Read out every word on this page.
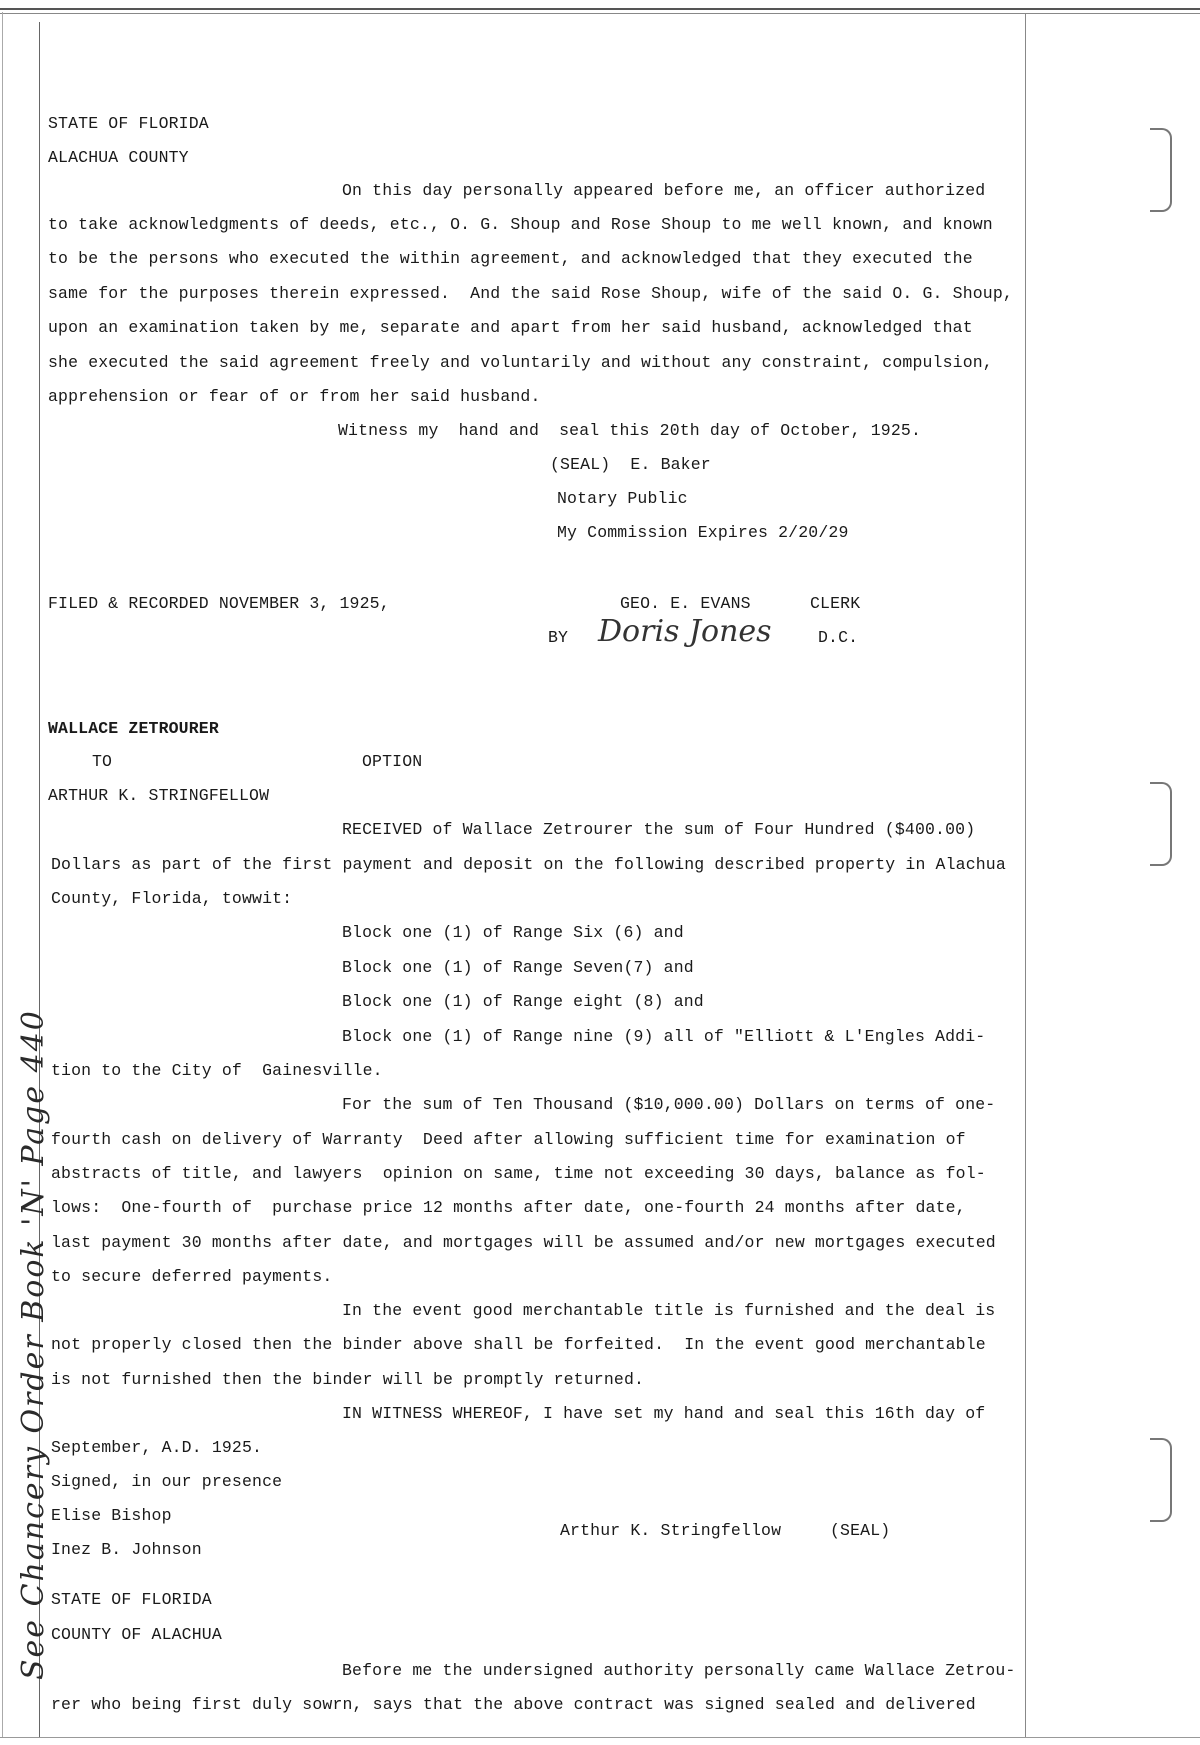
STATE OF FLORIDA
ALACHUA COUNTY
On this day personally appeared before me, an officer authorized
to take acknowledgments of deeds, etc., O. G. Shoup and Rose Shoup to me well known, and known
to be the persons who executed the within agreement, and acknowledged that they executed the
same for the purposes therein expressed.  And the said Rose Shoup, wife of the said O. G. Shoup,
upon an examination taken by me, separate and apart from her said husband, acknowledged that
she executed the said agreement freely and voluntarily and without any constraint, compulsion,
apprehension or fear of or from her said husband.
Witness my  hand and  seal this 20th day of October, 1925.
(SEAL)  E. Baker
Notary Public
My Commission Expires 2/20/29
FILED & RECORDED NOVEMBER 3, 1925,	GEO. E. EVANS	CLERK
BY Doris Jones	D.C.
WALLACE ZETROURER
TO	OPTION
ARTHUR K. STRINGFELLOW
RECEIVED of Wallace Zetrourer the sum of Four Hundred ($400.00)
Dollars as part of the first payment and deposit on the following described property in Alachua
County, Florida, towwit:
Block one (1) of Range Six (6) and
Block one (1) of Range Seven(7) and
Block one (1) of Range eight (8) and
Block one (1) of Range nine (9) all of "Elliott & L'Engles Addi-
tion to the City of  Gainesville.
For the sum of Ten Thousand ($10,000.00) Dollars on terms of one-
fourth cash on delivery of Warranty  Deed after allowing sufficient time for examination of
abstracts of title, and lawyers  opinion on same, time not exceeding 30 days, balance as fol-
lows:  One-fourth of  purchase price 12 months after date, one-fourth 24 months after date,
last payment 30 months after date, and mortgages will be assumed and/or new mortgages executed
to secure deferred payments.
In the event good merchantable title is furnished and the deal is
not properly closed then the binder above shall be forfeited.  In the event good merchantable
is not furnished then the binder will be promptly returned.
IN WITNESS WHEREOF, I have set my hand and seal this 16th day of
September, A.D. 1925.
Signed, in our presence
Elise Bishop
Inez B. Johnson
Arthur K. Stringfellow	(SEAL)
STATE OF FLORIDA
COUNTY OF ALACHUA
Before me the undersigned authority personally came Wallace Zetrou-
rer who being first duly sowrn, says that the above contract was signed sealed and delivered
See Chancery Order Book 'N' Page 440
